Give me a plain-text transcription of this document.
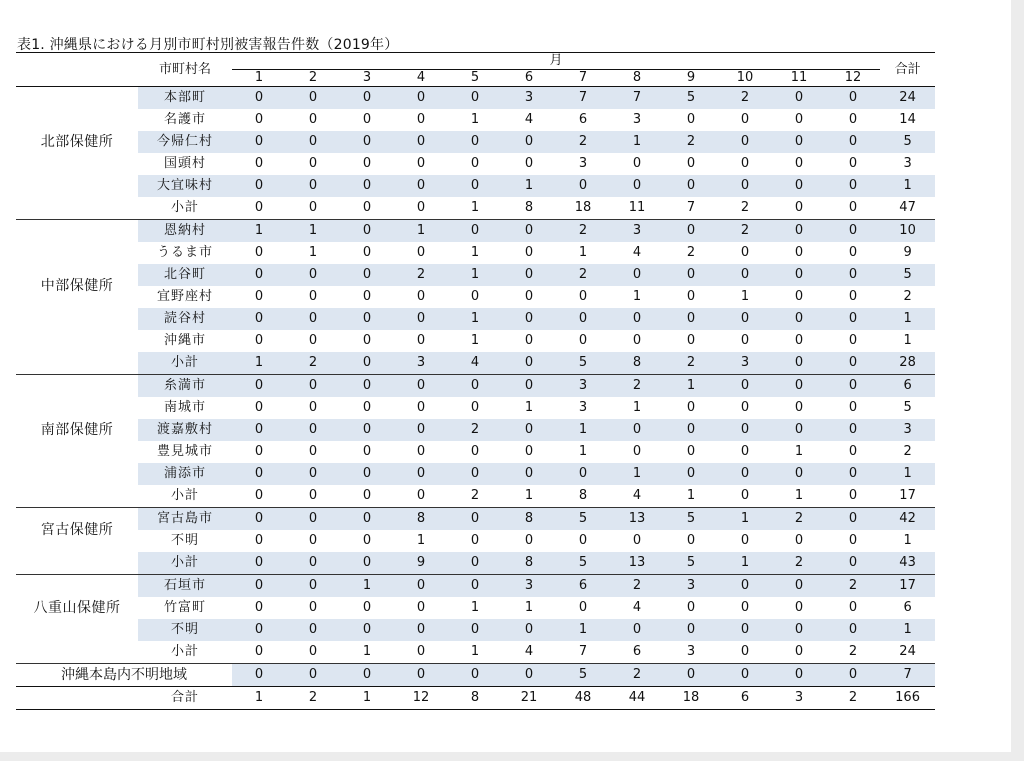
表1. 沖縄県における月別市町村別被害報告件数（2019年）
	市町村名	月												合計
		1	2	3	4	5	6	7	8	9	10	11	12	
北部保健所	本部町	0	0	0	0	0	3	7	7	5	2	0	0	24
	名護市	0	0	0	0	1	4	6	3	0	0	0	0	14
	今帰仁村	0	0	0	0	0	0	2	1	2	0	0	0	5
	国頭村	0	0	0	0	0	0	3	0	0	0	0	0	3
	大宜味村	0	0	0	0	0	1	0	0	0	0	0	0	1
	小計	0	0	0	0	1	8	18	11	7	2	0	0	47
中部保健所	恩納村	1	1	0	1	0	0	2	3	0	2	0	0	10
	うるま市	0	1	0	0	1	0	1	4	2	0	0	0	9
	北谷町	0	0	0	2	1	0	2	0	0	0	0	0	5
	宜野座村	0	0	0	0	0	0	0	1	0	1	0	0	2
	読谷村	0	0	0	0	1	0	0	0	0	0	0	0	1
	沖縄市	0	0	0	0	1	0	0	0	0	0	0	0	1
	小計	1	2	0	3	4	0	5	8	2	3	0	0	28
南部保健所	糸満市	0	0	0	0	0	0	3	2	1	0	0	0	6
	南城市	0	0	0	0	0	1	3	1	0	0	0	0	5
	渡嘉敷村	0	0	0	0	2	0	1	0	0	0	0	0	3
	豊見城市	0	0	0	0	0	0	1	0	0	0	1	0	2
	浦添市	0	0	0	0	0	0	0	1	0	0	0	0	1
	小計	0	0	0	0	2	1	8	4	1	0	1	0	17
宮古保健所	宮古島市	0	0	0	8	0	8	5	13	5	1	2	0	42
	不明	0	0	0	1	0	0	0	0	0	0	0	0	1
	小計	0	0	0	9	0	8	5	13	5	1	2	0	43
八重山保健所	石垣市	0	0	1	0	0	3	6	2	3	0	0	2	17
	竹富町	0	0	0	0	1	1	0	4	0	0	0	0	6
	不明	0	0	0	0	0	0	1	0	0	0	0	0	1
	小計	0	0	1	0	1	4	7	6	3	0	0	2	24
沖縄本島内不明地域		0	0	0	0	0	0	5	2	0	0	0	0	7
	合計	1	2	1	12	8	21	48	44	18	6	3	2	166
